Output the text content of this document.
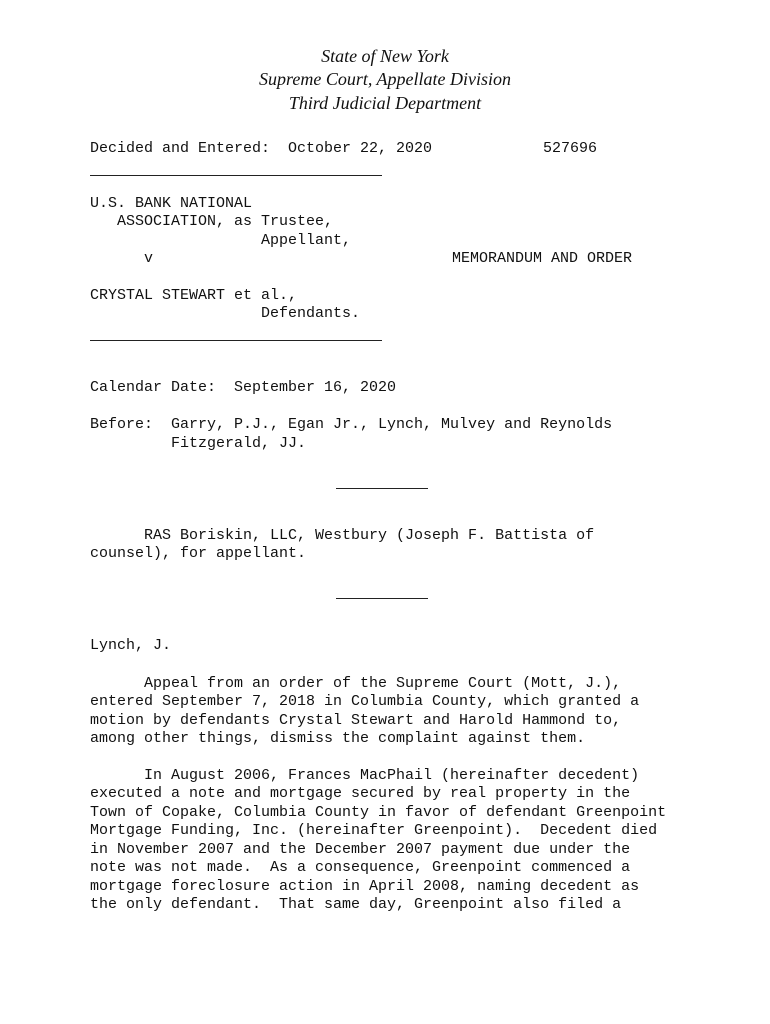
State of New York
Supreme Court, Appellate Division
Third Judicial Department
Decided and Entered:  October 22, 2020	527696
U.S. BANK NATIONAL
ASSOCIATION, as Trustee,
Appellant,
v	MEMORANDUM AND ORDER
CRYSTAL STEWART et al.,
Defendants.
Calendar Date:  September 16, 2020
Before:  Garry, P.J., Egan Jr., Lynch, Mulvey and Reynolds
Fitzgerald, JJ.
RAS Boriskin, LLC, Westbury (Joseph F. Battista of
counsel), for appellant.
Lynch, J.
Appeal from an order of the Supreme Court (Mott, J.),
entered September 7, 2018 in Columbia County, which granted a
motion by defendants Crystal Stewart and Harold Hammond to,
among other things, dismiss the complaint against them.
In August 2006, Frances MacPhail (hereinafter decedent)
executed a note and mortgage secured by real property in the
Town of Copake, Columbia County in favor of defendant Greenpoint
Mortgage Funding, Inc. (hereinafter Greenpoint).  Decedent died
in November 2007 and the December 2007 payment due under the
note was not made.  As a consequence, Greenpoint commenced a
mortgage foreclosure action in April 2008, naming decedent as
the only defendant.  That same day, Greenpoint also filed a
